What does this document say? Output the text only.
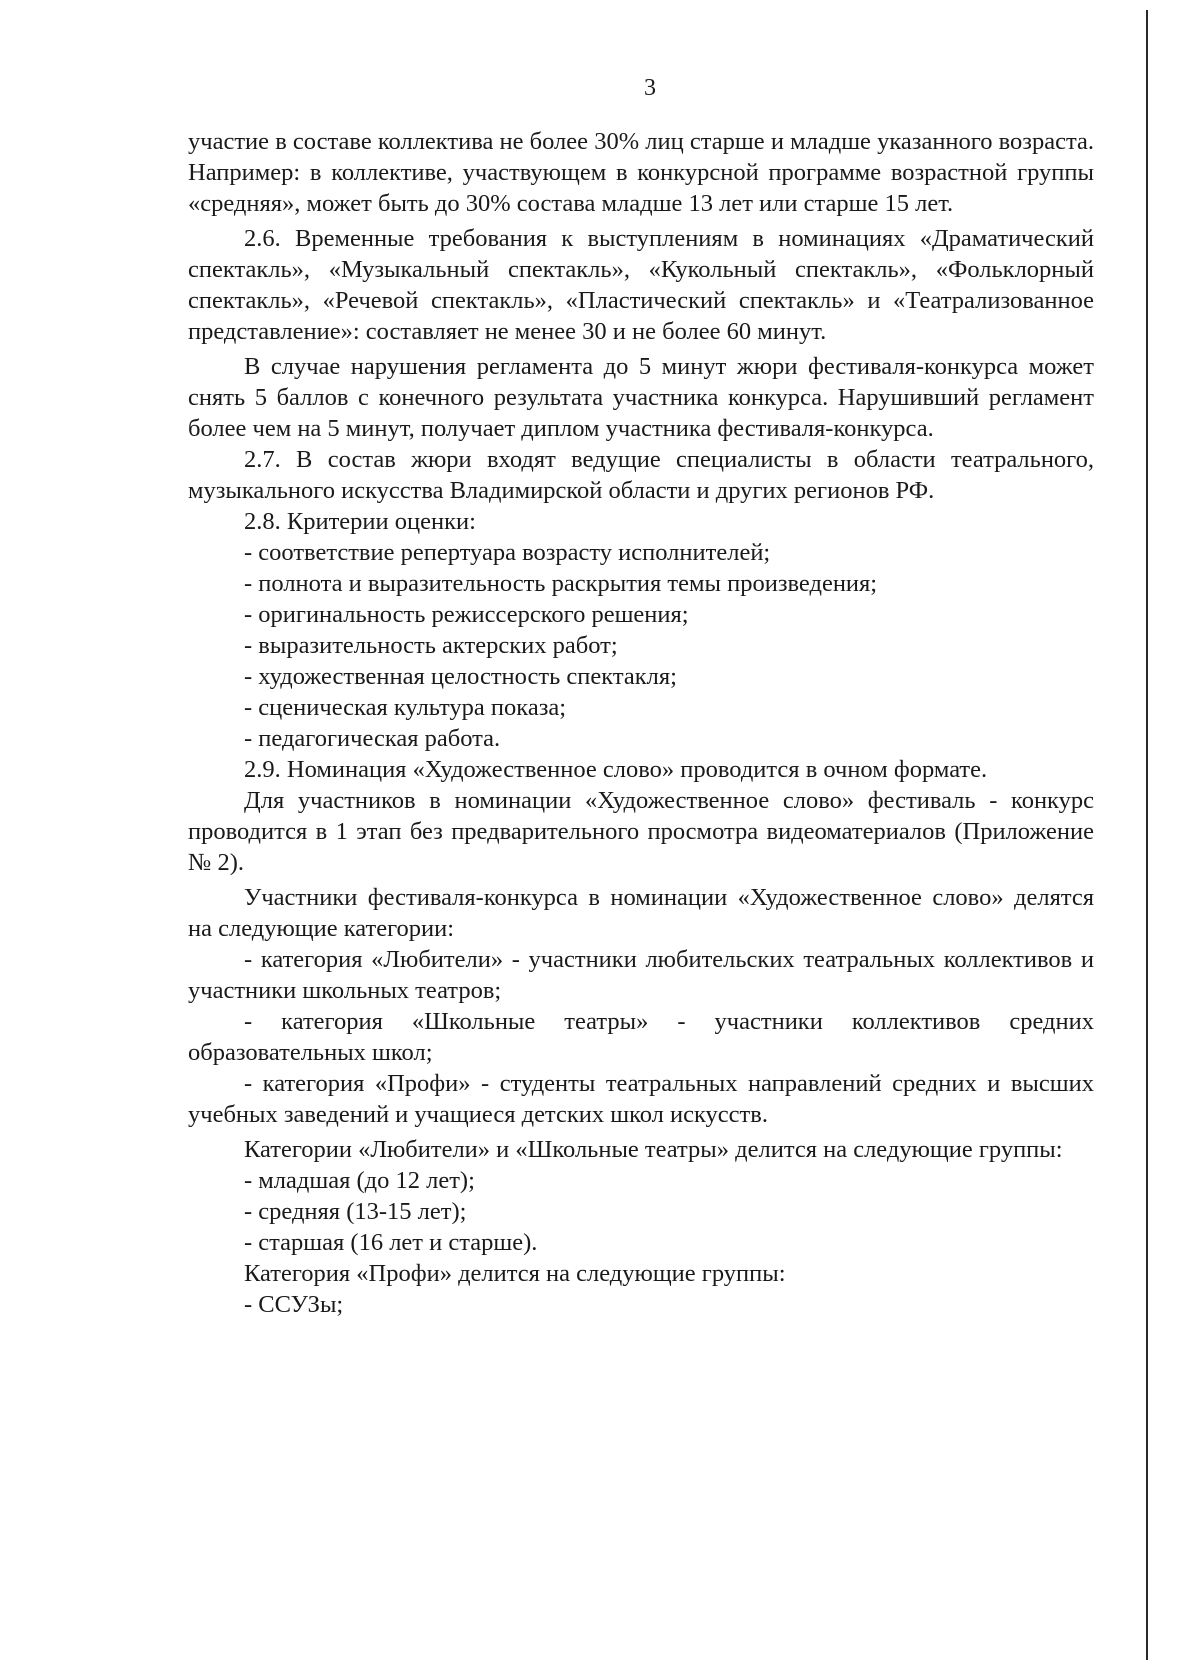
3

участие в составе коллектива не более 30% лиц старше и младше указанного возраста. Например: в коллективе, участвующем в конкурсной программе возрастной группы «средняя», может быть до 30% состава младше 13 лет или старше 15 лет.

2.6. Временные требования к выступлениям в номинациях «Драматический спектакль», «Музыкальный спектакль», «Кукольный спектакль», «Фольклорный спектакль», «Речевой спектакль», «Пластический спектакль» и «Театрализованное представление»: составляет не менее 30 и не более 60 минут.

В случае нарушения регламента до 5 минут жюри фестиваля-конкурса может снять 5 баллов с конечного результата участника конкурса. Нарушивший регламент более чем на 5 минут, получает диплом участника фестиваля-конкурса.

2.7. В состав жюри входят ведущие специалисты в области театрального, музыкального искусства Владимирской области и других регионов РФ.

2.8. Критерии оценки:
- соответствие репертуара возрасту исполнителей;
- полнота и выразительность раскрытия темы произведения;
- оригинальность режиссерского решения;
- выразительность актерских работ;
- художественная целостность спектакля;
- сценическая культура показа;
- педагогическая работа.
2.9. Номинация «Художественное слово» проводится в очном формате.

Для участников в номинации «Художественное слово» фестиваль - конкурс проводится в 1 этап без предварительного просмотра видеоматериалов (Приложение № 2).

Участники фестиваля-конкурса в номинации «Художественное слово» делятся на следующие категории:

- категория «Любители» - участники любительских театральных коллективов и участники школьных театров;

- категория «Школьные театры» - участники коллективов средних образовательных школ;

- категория «Профи» - студенты театральных направлений средних и высших учебных заведений и учащиеся детских школ искусств.

Категории «Любители» и «Школьные театры» делится на следующие группы:

- младшая (до 12 лет);
- средняя (13-15 лет);
- старшая (16 лет и старше).
Категория «Профи» делится на следующие группы:
- ССУЗы;
